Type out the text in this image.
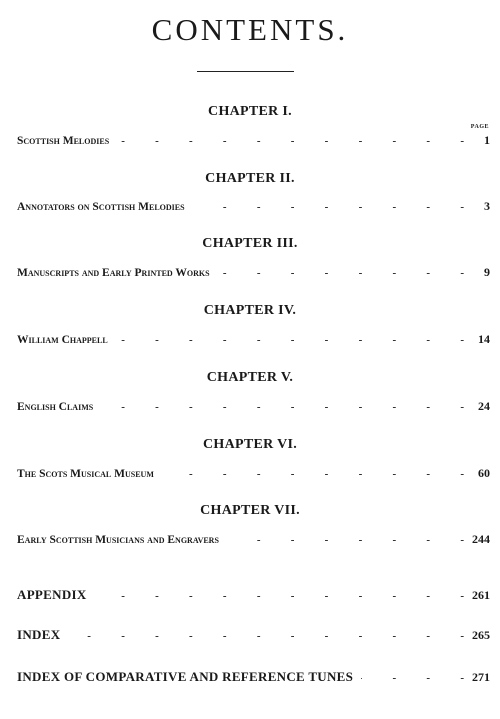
CONTENTS.
CHAPTER I.
PAGE
Scottish Melodies -	1
CHAPTER II.
Annotators on Scottish Melodies -	3
CHAPTER III.
Manuscripts and Early Printed Works -	9
CHAPTER IV.
William Chappell -	14
CHAPTER V.
English Claims -	24
CHAPTER VI.
The Scots Musical Museum -	60
CHAPTER VII.
Early Scottish Musicians and Engravers -	244
APPENDIX -	261
INDEX -	265
INDEX OF COMPARATIVE AND REFERENCE TUNES -	271
